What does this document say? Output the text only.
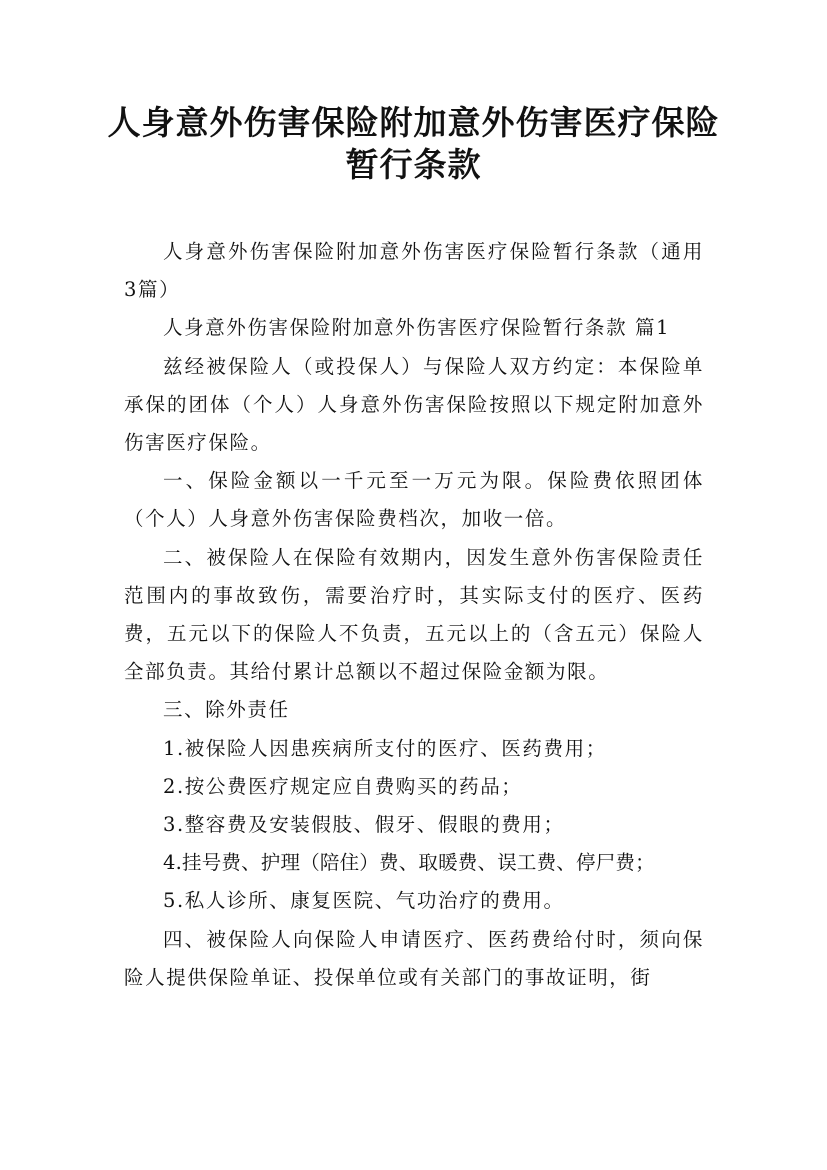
人身意外伤害保险附加意外伤害医疗保险
暂行条款

人身意外伤害保险附加意外伤害医疗保险暂行条款（通用3篇）

人身意外伤害保险附加意外伤害医疗保险暂行条款 篇1

兹经被保险人（或投保人）与保险人双方约定：本保险单承保的团体（个人）人身意外伤害保险按照以下规定附加意外伤害医疗保险。

一、保险金额以一千元至一万元为限。保险费依照团体（个人）人身意外伤害保险费档次，加收一倍。

二、被保险人在保险有效期内，因发生意外伤害保险责任范围内的事故致伤，需要治疗时，其实际支付的医疗、医药费，五元以下的保险人不负责，五元以上的（含五元）保险人全部负责。其给付累计总额以不超过保险金额为限。

三、除外责任

1.被保险人因患疾病所支付的医疗、医药费用；

2.按公费医疗规定应自费购买的药品；

3.整容费及安装假肢、假牙、假眼的费用；

4.挂号费、护理（陪住）费、取暖费、误工费、停尸费；

5.私人诊所、康复医院、气功治疗的费用。

四、被保险人向保险人申请医疗、医药费给付时，须向保险人提供保险单证、投保单位或有关部门的事故证明，街
